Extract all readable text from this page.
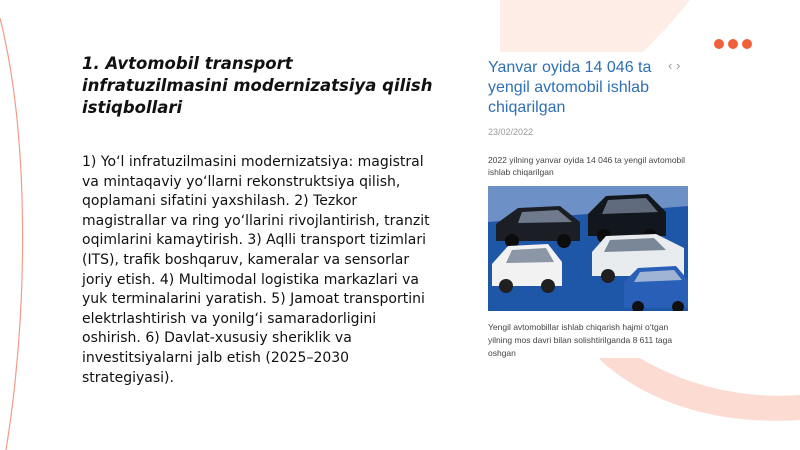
1. Avtomobil transport infratuzilmasini modernizatsiya qilish istiqbollari

1) Yo‘l infratuzilmasini modernizatsiya: magistral va mintaqaviy yo‘llarni rekonstruktsiya qilish, qoplamani sifatini yaxshilash. 2) Tezkor magistrallar va ring yo‘llarini rivojlantirish, tranzit oqimlarini kamaytirish. 3) Aqlli transport tizimlari (ITS), trafik boshqaruv, kameralar va sensorlar joriy etish. 4) Multimodal logistika markazlari va yuk terminalarini yaratish. 5) Jamoat transportini elektrlashtirish va yonilg‘i samaradorligini oshirish. 6) Davlat-xususiy sheriklik va investitsiyalarni jalb etish (2025–2030 strategiyasi).

Yanvar oyida 14 046 ta yengil avtomobil ishlab chiqarilgan
‹ ›
23/02/2022
2022 yilning yanvar oyida 14 046 ta yengil avtomobil ishlab chiqarilgan
Yengil avtomobillar ishlab chiqarish hajmi o‘tgan yilning mos davri bilan solishtirilganda 8 611 taga oshgan
